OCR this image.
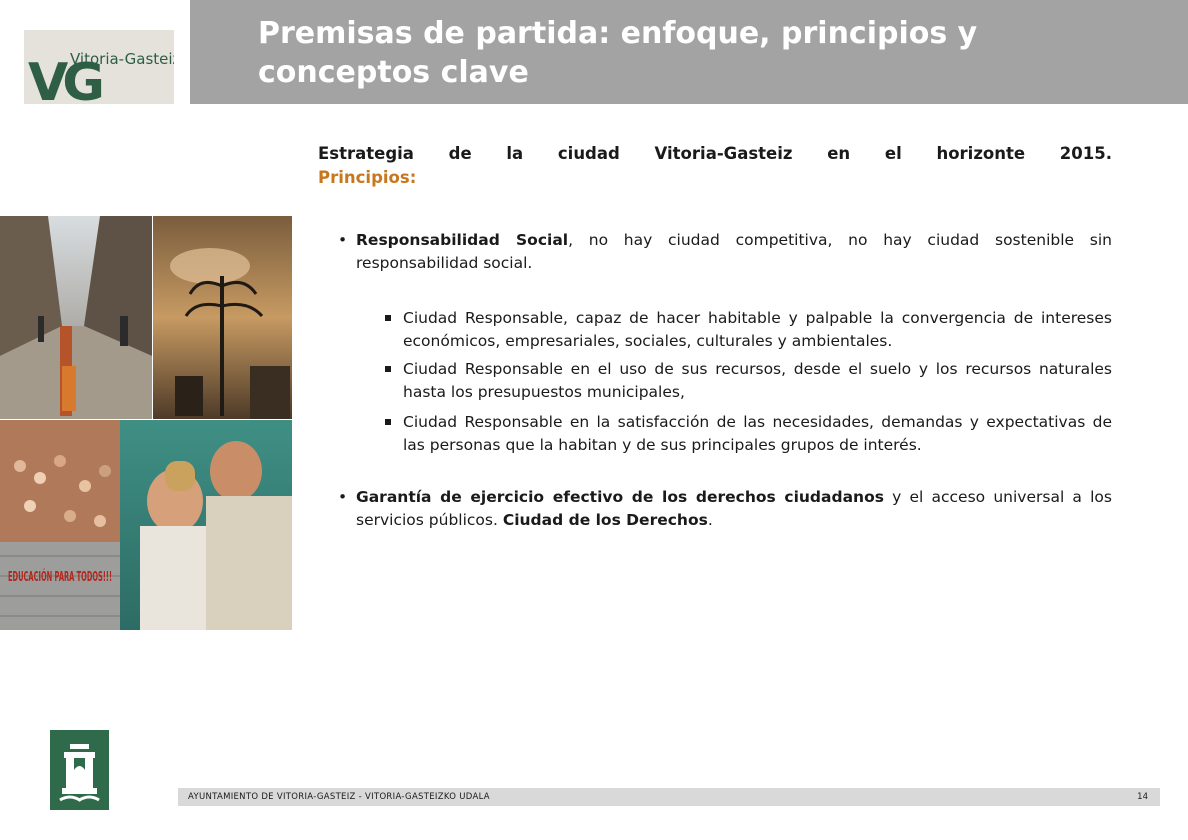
Vitoria-Gasteiz
VG
Premisas de partida: enfoque, principios y conceptos clave
Estrategia de la ciudad Vitoria-Gasteiz en el horizonte 2015.
Principios:
EDUCACIÓN PARA TODOS!!!
• Responsabilidad Social, no hay ciudad competitiva, no hay ciudad sostenible sin responsabilidad social.
Ciudad Responsable, capaz de hacer habitable y palpable la convergencia de intereses económicos, empresariales, sociales, culturales y ambientales.
Ciudad Responsable en el uso de sus recursos, desde el suelo y los recursos naturales hasta los presupuestos municipales,
Ciudad Responsable en la satisfacción de las necesidades, demandas y expectativas de las personas que la habitan y de sus principales grupos de interés.
• Garantía de ejercicio efectivo de los derechos ciudadanos y el acceso universal a los servicios públicos. Ciudad de los Derechos.
AYUNTAMIENTO DE VITORIA-GASTEIZ - VITORIA-GASTEIZKO UDALA	14
